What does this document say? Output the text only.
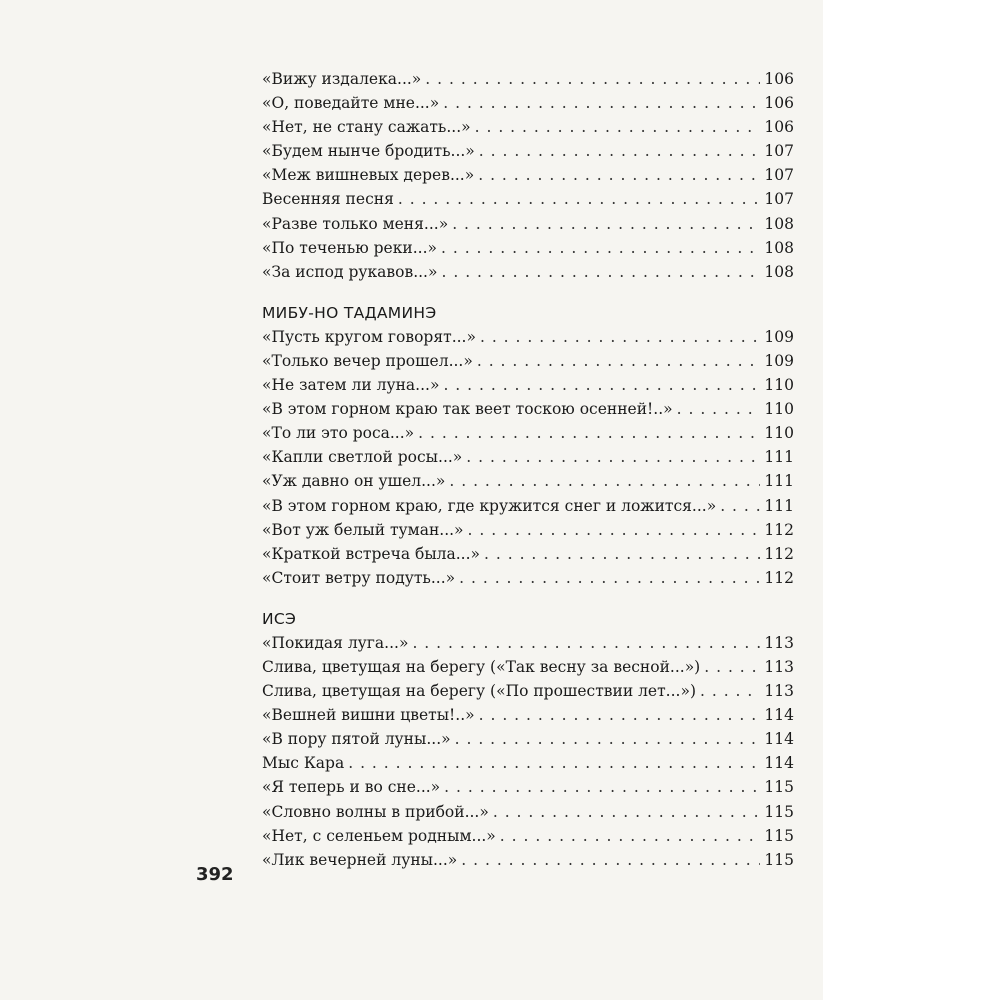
«Вижу издалека...» . . .	106
«О, поведайте мне...» . . .	106
«Нет, не стану сажать...» . . .	106
«Будем нынче бродить...» . . .	107
«Меж вишневых дерев...» . . .	107
Весенняя песня . . .	107
«Разве только меня...» . . .	108
«По теченью реки...» . . .	108
«За испод рукавов...» . . .	108
МИБУ-НО ТАДАМИНЭ
«Пусть кругом говорят...» . . .	109
«Только вечер прошел...» . . .	109
«Не затем ли луна...» . . .	110
«В этом горном краю так веет тоскою осенней!..» . . .	110
«То ли это роса...» . . .	110
«Капли светлой росы...» . . .	111
«Уж давно он ушел...» . . .	111
«В этом горном краю, где кружится снег и ложится...» . . .	111
«Вот уж белый туман...» . . .	112
«Краткой встреча была...» . . .	112
«Стоит ветру подуть...» . . .	112
ИСЭ
«Покидая луга...» . . .	113
Слива, цветущая на берегу («Так весну за весной...») . . .	113
Слива, цветущая на берегу («По прошествии лет...») . . .	113
«Вешней вишни цветы!..» . . .	114
«В пору пятой луны...» . . .	114
Мыс Кара . . .	114
«Я теперь и во сне...» . . .	115
«Словно волны в прибой...» . . .	115
«Нет, с селеньем родным...» . . .	115
«Лик вечерней луны...» . . .	115
392
